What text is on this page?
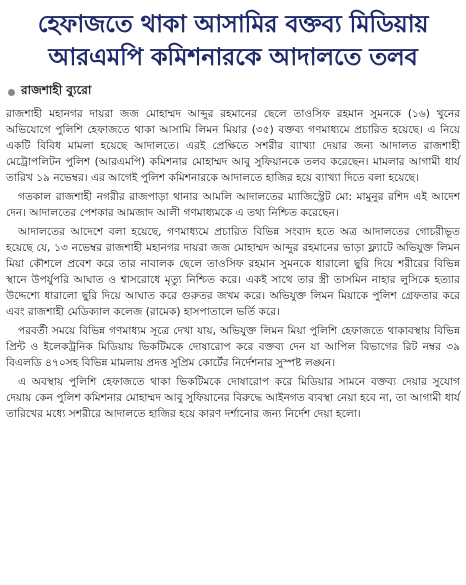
হেফাজতে থাকা আসামির বক্তব্য মিডিয়ায়
আরএমপি কমিশনারকে আদালতে তলব
রাজশাহী ব্যুরো

রাজশাহী মহানগর দায়রা জজ মোহাম্মদ আব্দুর রহমানের ছেলে তাওসিফ রহমান সুমনকে (১৬) খুনের অভিযোগে পুলিশি হেফাজতে থাকা আসামি লিমন মিয়ার (৩৫) বক্তব্য গণমাধ্যমে প্রচারিত হয়েছে। এ নিয়ে একটি বিবিধ মামলা হয়েছে আদালতে। এরই প্রেক্ষিতে সশরীর ব্যাখ্যা দেয়ার জন্য আদালত রাজশাহী মেট্রোপলিটন পুলিশ (আরএমপি) কমিশনার মোহাম্মদ আবু সুফিয়ানকে তলব করেছেন। মামলার আগামী ধার্য তারিখ ১৯ নভেম্বর। এর আগেই পুলিশ কমিশনারকে আদালতে হাজির হয়ে ব্যাখ্যা দিতে বলা হয়েছে।

গতকাল রাজশাহী নগরীর রাজপাড়া থানার আমলি আদালতের ম্যাজিস্ট্রেট মো: মামুনুর রশিদ এই আদেশ দেন। আদালতের পেশকার আমজাদ আলী গণমাধ্যমকে এ তথ্য নিশ্চিত করেছেন।

আদালতের আদেশে বলা হয়েছে, গণমাধ্যমে প্রচারিত বিভিন্ন সংবাদ হতে অত্র আদালতের গোচরীভূত হয়েছে যে, ১৩ নভেম্বর রাজশাহী মহানগর দায়রা জজ মোহাম্মদ আব্দুর রহমানের ভাড়া ফ্ল্যাটে অভিযুক্ত লিমন মিয়া কৌশলে প্রবেশ করে তার নাবালক ছেলে তাওসিফ রহমান সুমনকে ধারালো ছুরি দিয়ে শরীরের বিভিন্ন স্থানে উপর্যুপরি আঘাত ও শ্বাসরোধে মৃত্যু নিশ্চিত করে। একই সাথে তার স্ত্রী তাসমিন নাহার লুসিকে হত্যার উদ্দেশ্যে ধারালো ছুরি দিয়ে আঘাত করে গুরুতর জখম করে। অভিযুক্ত লিমন মিয়াকে পুলিশ গ্রেফতার করে এবং রাজশাহী মেডিক্যাল কলেজ (রামেক) হাসপাতালে ভর্তি করে।

পরবর্তী সময়ে বিভিন্ন গণমাধ্যম সূত্রে দেখা যায়, অভিযুক্ত লিমন মিয়া পুলিশি হেফাজতে থাকাবস্থায় বিভিন্ন প্রিন্ট ও ইলেকট্রনিক মিডিয়ায় ভিকটিমকে দোষারোপ করে বক্তব্য দেন যা আপিল বিভাগের রিট নম্বর ৩৯ বিএলডি ৪৭০সহ বিভিন্ন মামলায় প্রদত্ত সুপ্রিম কোর্টের নির্দেশনার সুস্পষ্ট লঙ্ঘন।

এ অবস্থায় পুলিশি হেফাজতে থাকা ভিকটিমকে দোষারোপ করে মিডিয়ার সামনে বক্তব্য দেয়ার সুযোগ দেয়ায় কেন পুলিশ কমিশনার মোহাম্মদ আবু সুফিয়ানের বিরুদ্ধে আইনগত ব্যবস্থা নেয়া হবে না, তা আগামী ধার্য তারিখের মধ্যে সশরীরে আদালতে হাজির হয়ে কারণ দর্শানোর জন্য নির্দেশ দেয়া হলো।
